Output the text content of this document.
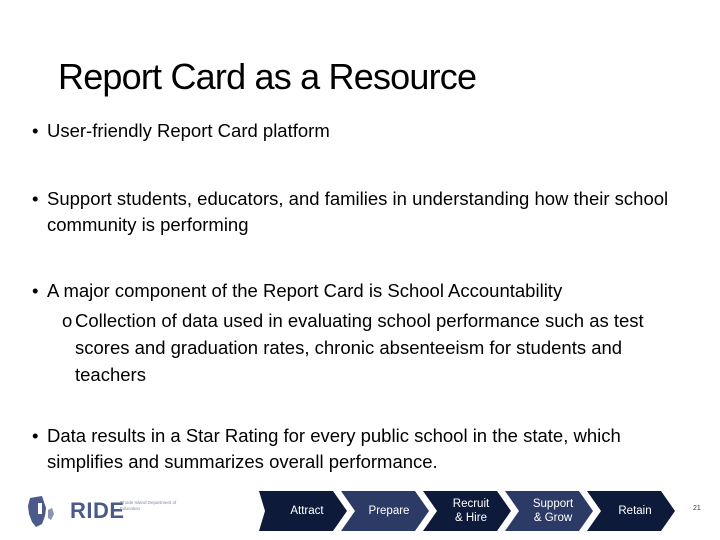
Report Card as a Resource
• User-friendly Report Card platform
• Support students, educators, and families in understanding how their school community is performing
• A major component of the Report Card is School Accountability
o Collection of data used in evaluating school performance such as test scores and graduation rates, chronic absenteeism for students and teachers
• Data results in a Star Rating for every public school in the state, which simplifies and summarizes overall performance.
RIDE
Rhode Island Department of Education	Attract	Prepare
Recruit
& Hire
Support
& Grow
Retain	21
